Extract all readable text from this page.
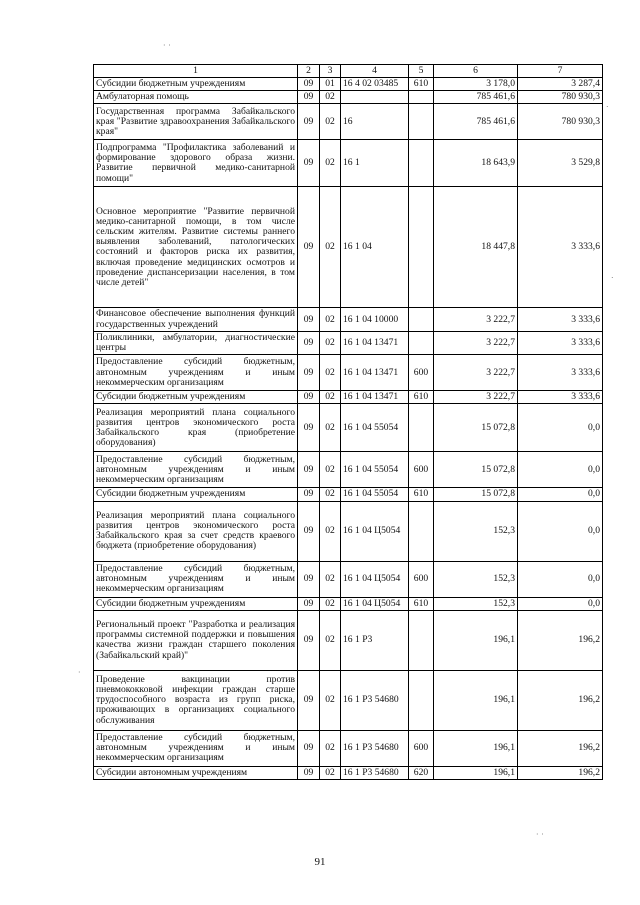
1	2	3	4	5	6	7
Субсидии бюджетным учреждениям	09	01	16 4 02 03485	610	3 178,0	3 287,4
Амбулаторная помощь	09	02			785 461,6	780 930,3
Государственная программа Забайкальского края "Развитие здравоохранения Забайкальского края"	09	02	16		785 461,6	780 930,3
Подпрограмма "Профилактика заболеваний и формирование здорового образа жизни. Развитие первичной медико-санитарной помощи"	09	02	16 1		18 643,9	3 529,8
Основное мероприятие "Развитие первичной медико-санитарной помощи, в том числе сельским жителям. Развитие системы раннего выявления заболеваний, патологических состояний и факторов риска их развития, включая проведение медицинских осмотров и проведение диспансеризации населения, в том числе детей"	09	02	16 1 04		18 447,8	3 333,6
Финансовое обеспечение выполнения функций государственных учреждений	09	02	16 1 04 10000		3 222,7	3 333,6
Поликлиники, амбулатории, диагностические центры	09	02	16 1 04 13471		3 222,7	3 333,6
Предоставление субсидий бюджетным, автономным учреждениям и иным некоммерческим организациям	09	02	16 1 04 13471	600	3 222,7	3 333,6
Субсидии бюджетным учреждениям	09	02	16 1 04 13471	610	3 222,7	3 333,6
Реализация мероприятий плана социального развития центров экономического роста Забайкальского края (приобретение оборудования)	09	02	16 1 04 55054		15 072,8	0,0
Предоставление субсидий бюджетным, автономным учреждениям и иным некоммерческим организациям	09	02	16 1 04 55054	600	15 072,8	0,0
Субсидии бюджетным учреждениям	09	02	16 1 04 55054	610	15 072,8	0,0
Реализация мероприятий плана социального развития центров экономического роста Забайкальского края за счет средств краевого бюджета (приобретение оборудования)	09	02	16 1 04 Ц5054		152,3	0,0
Предоставление субсидий бюджетным, автономным учреждениям и иным некоммерческим организациям	09	02	16 1 04 Ц5054	600	152,3	0,0
Субсидии бюджетным учреждениям	09	02	16 1 04 Ц5054	610	152,3	0,0
Региональный проект "Разработка и реализация программы системной поддержки и повышения качества жизни граждан старшего поколения (Забайкальский край)"	09	02	16 1 P3		196,1	196,2
Проведение вакцинации против пневмококковой инфекции граждан старше трудоспособного возраста из групп риска, проживающих в организациях социального обслуживания	09	02	16 1 P3 54680		196,1	196,2
Предоставление субсидий бюджетным, автономным учреждениям и иным некоммерческим организациям	09	02	16 1 P3 54680	600	196,1	196,2
Субсидии автономным учреждениям	09	02	16 1 P3 54680	620	196,1	196,2
91
· ·
.
.
·
· ·
